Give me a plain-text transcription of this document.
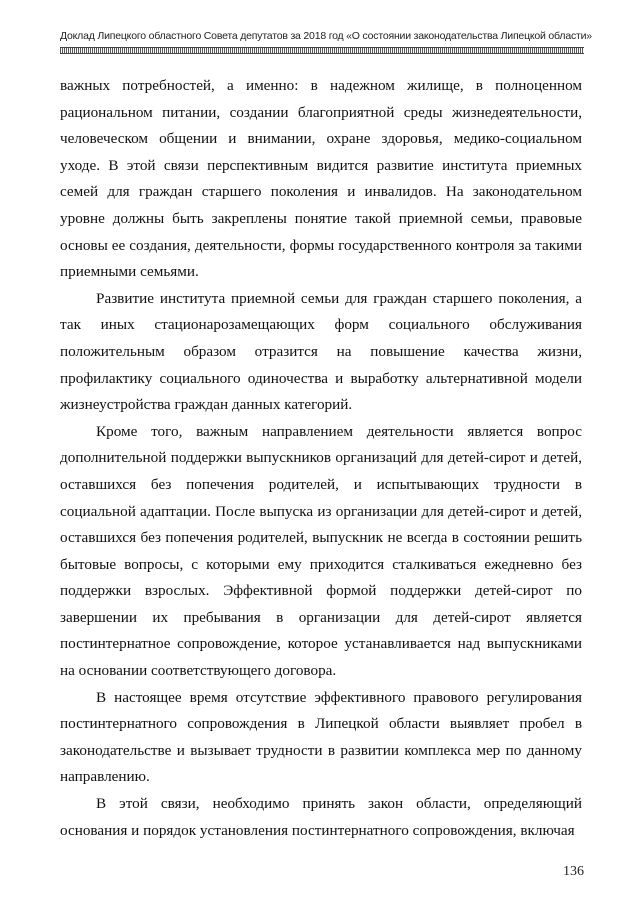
Доклад Липецкого областного Совета депутатов за 2018 год «О состоянии законодательства Липецкой области»

важных потребностей, а именно: в надежном жилище, в полноценном рациональном питании, создании благоприятной среды жизнедеятельности, человеческом общении и внимании, охране здоровья, медико-социальном уходе. В этой связи перспективным видится развитие института приемных семей для граждан старшего поколения и инвалидов. На законодательном уровне должны быть закреплены понятие такой приемной семьи, правовые основы ее создания, деятельности, формы государственного контроля за такими приемными семьями.

Развитие института приемной семьи для граждан старшего поколения, а так иных стационарозамещающих форм социального обслуживания положительным образом отразится на повышение качества жизни, профилактику социального одиночества и выработку альтернативной модели жизнеустройства граждан данных категорий.

Кроме того, важным направлением деятельности является вопрос дополнительной поддержки выпускников организаций для детей-сирот и детей, оставшихся без попечения родителей, и испытывающих трудности в социальной адаптации. После выпуска из организации для детей-сирот и детей, оставшихся без попечения родителей, выпускник не всегда в состоянии решить бытовые вопросы, с которыми ему приходится сталкиваться ежедневно без поддержки взрослых. Эффективной формой поддержки детей-сирот по завершении их пребывания в организации для детей-сирот является постинтернатное сопровождение, которое устанавливается над выпускниками на основании соответствующего договора.

В настоящее время отсутствие эффективного правового регулирования постинтернатного сопровождения в Липецкой области выявляет пробел в законодательстве и вызывает трудности в развитии комплекса мер по данному направлению.

В этой связи, необходимо принять закон области, определяющий основания и порядок установления постинтернатного сопровождения, включая

136
